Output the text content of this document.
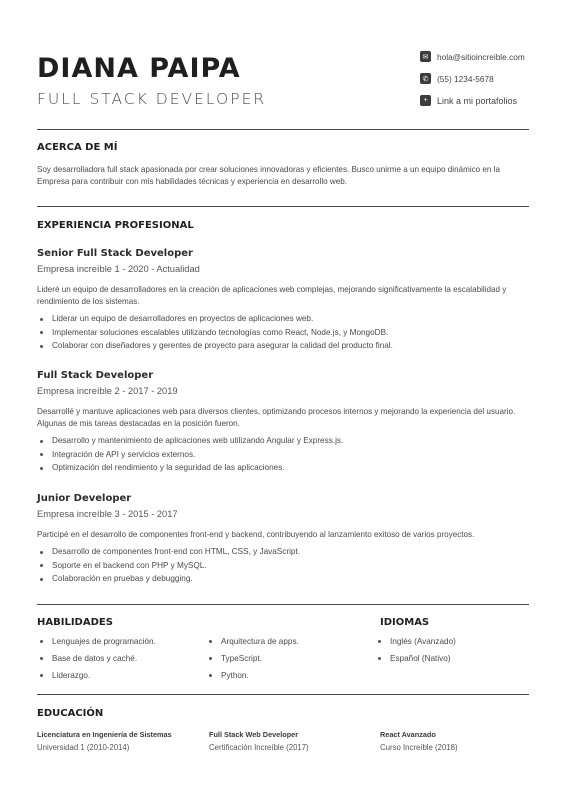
DIANA PAIPA
FULL STACK DEVELOPER
✉	hola@sitioincreible.com
✆	(55) 1234-5678
+	Link a mi portafolios
ACERCA DE MÍ
Soy desarrolladora full stack apasionada por crear soluciones innovadoras y eficientes. Busco unirme a un equipo dinámico en la Empresa para contribuir con mis habilidades técnicas y experiencia en desarrollo web.
EXPERIENCIA PROFESIONAL
Senior Full Stack Developer
Empresa increíble 1 - 2020 - Actualidad
Lideré un equipo de desarrolladores en la creación de aplicaciones web complejas, mejorando significativamente la escalabilidad y rendimiento de los sistemas.
Liderar un equipo de desarrolladores en proyectos de aplicaciones web.
Implementar soluciones escalables utilizando tecnologías como React, Node.js, y MongoDB.
Colaborar con diseñadores y gerentes de proyecto para asegurar la calidad del producto final.
Full Stack Developer
Empresa increíble 2 - 2017 - 2019
Desarrollé y mantuve aplicaciones web para diversos clientes, optimizando procesos internos y mejorando la experiencia del usuario. Algunas de mis tareas destacadas en la posición fueron.
Desarrollo y mantenimiento de aplicaciones web utilizando Angular y Express.js.
Integración de API y servicios externos.
Optimización del rendimiento y la seguridad de las aplicaciones.
Junior Developer
Empresa increíble 3 - 2015 - 2017
Participé en el desarrollo de componentes front-end y backend, contribuyendo al lanzamiento exitoso de varios proyectos.
Desarrollo de componentes front-end con HTML, CSS, y JavaScript.
Soporte en el backend con PHP y MySQL.
Colaboración en pruebas y debugging.
HABILIDADES
Lenguajes de programación.
Base de datos y caché.
Liderazgo.
Arquitectura de apps.
TypeScript.
Python.
IDIOMAS
Inglés (Avanzado)
Español (Nativo)
EDUCACIÓN
Licenciatura en Ingeniería de Sistemas
Universidad 1 (2010-2014)
Full Stack Web Developer
Certificación Increíble (2017)
React Avanzado
Curso Increíble (2018)
